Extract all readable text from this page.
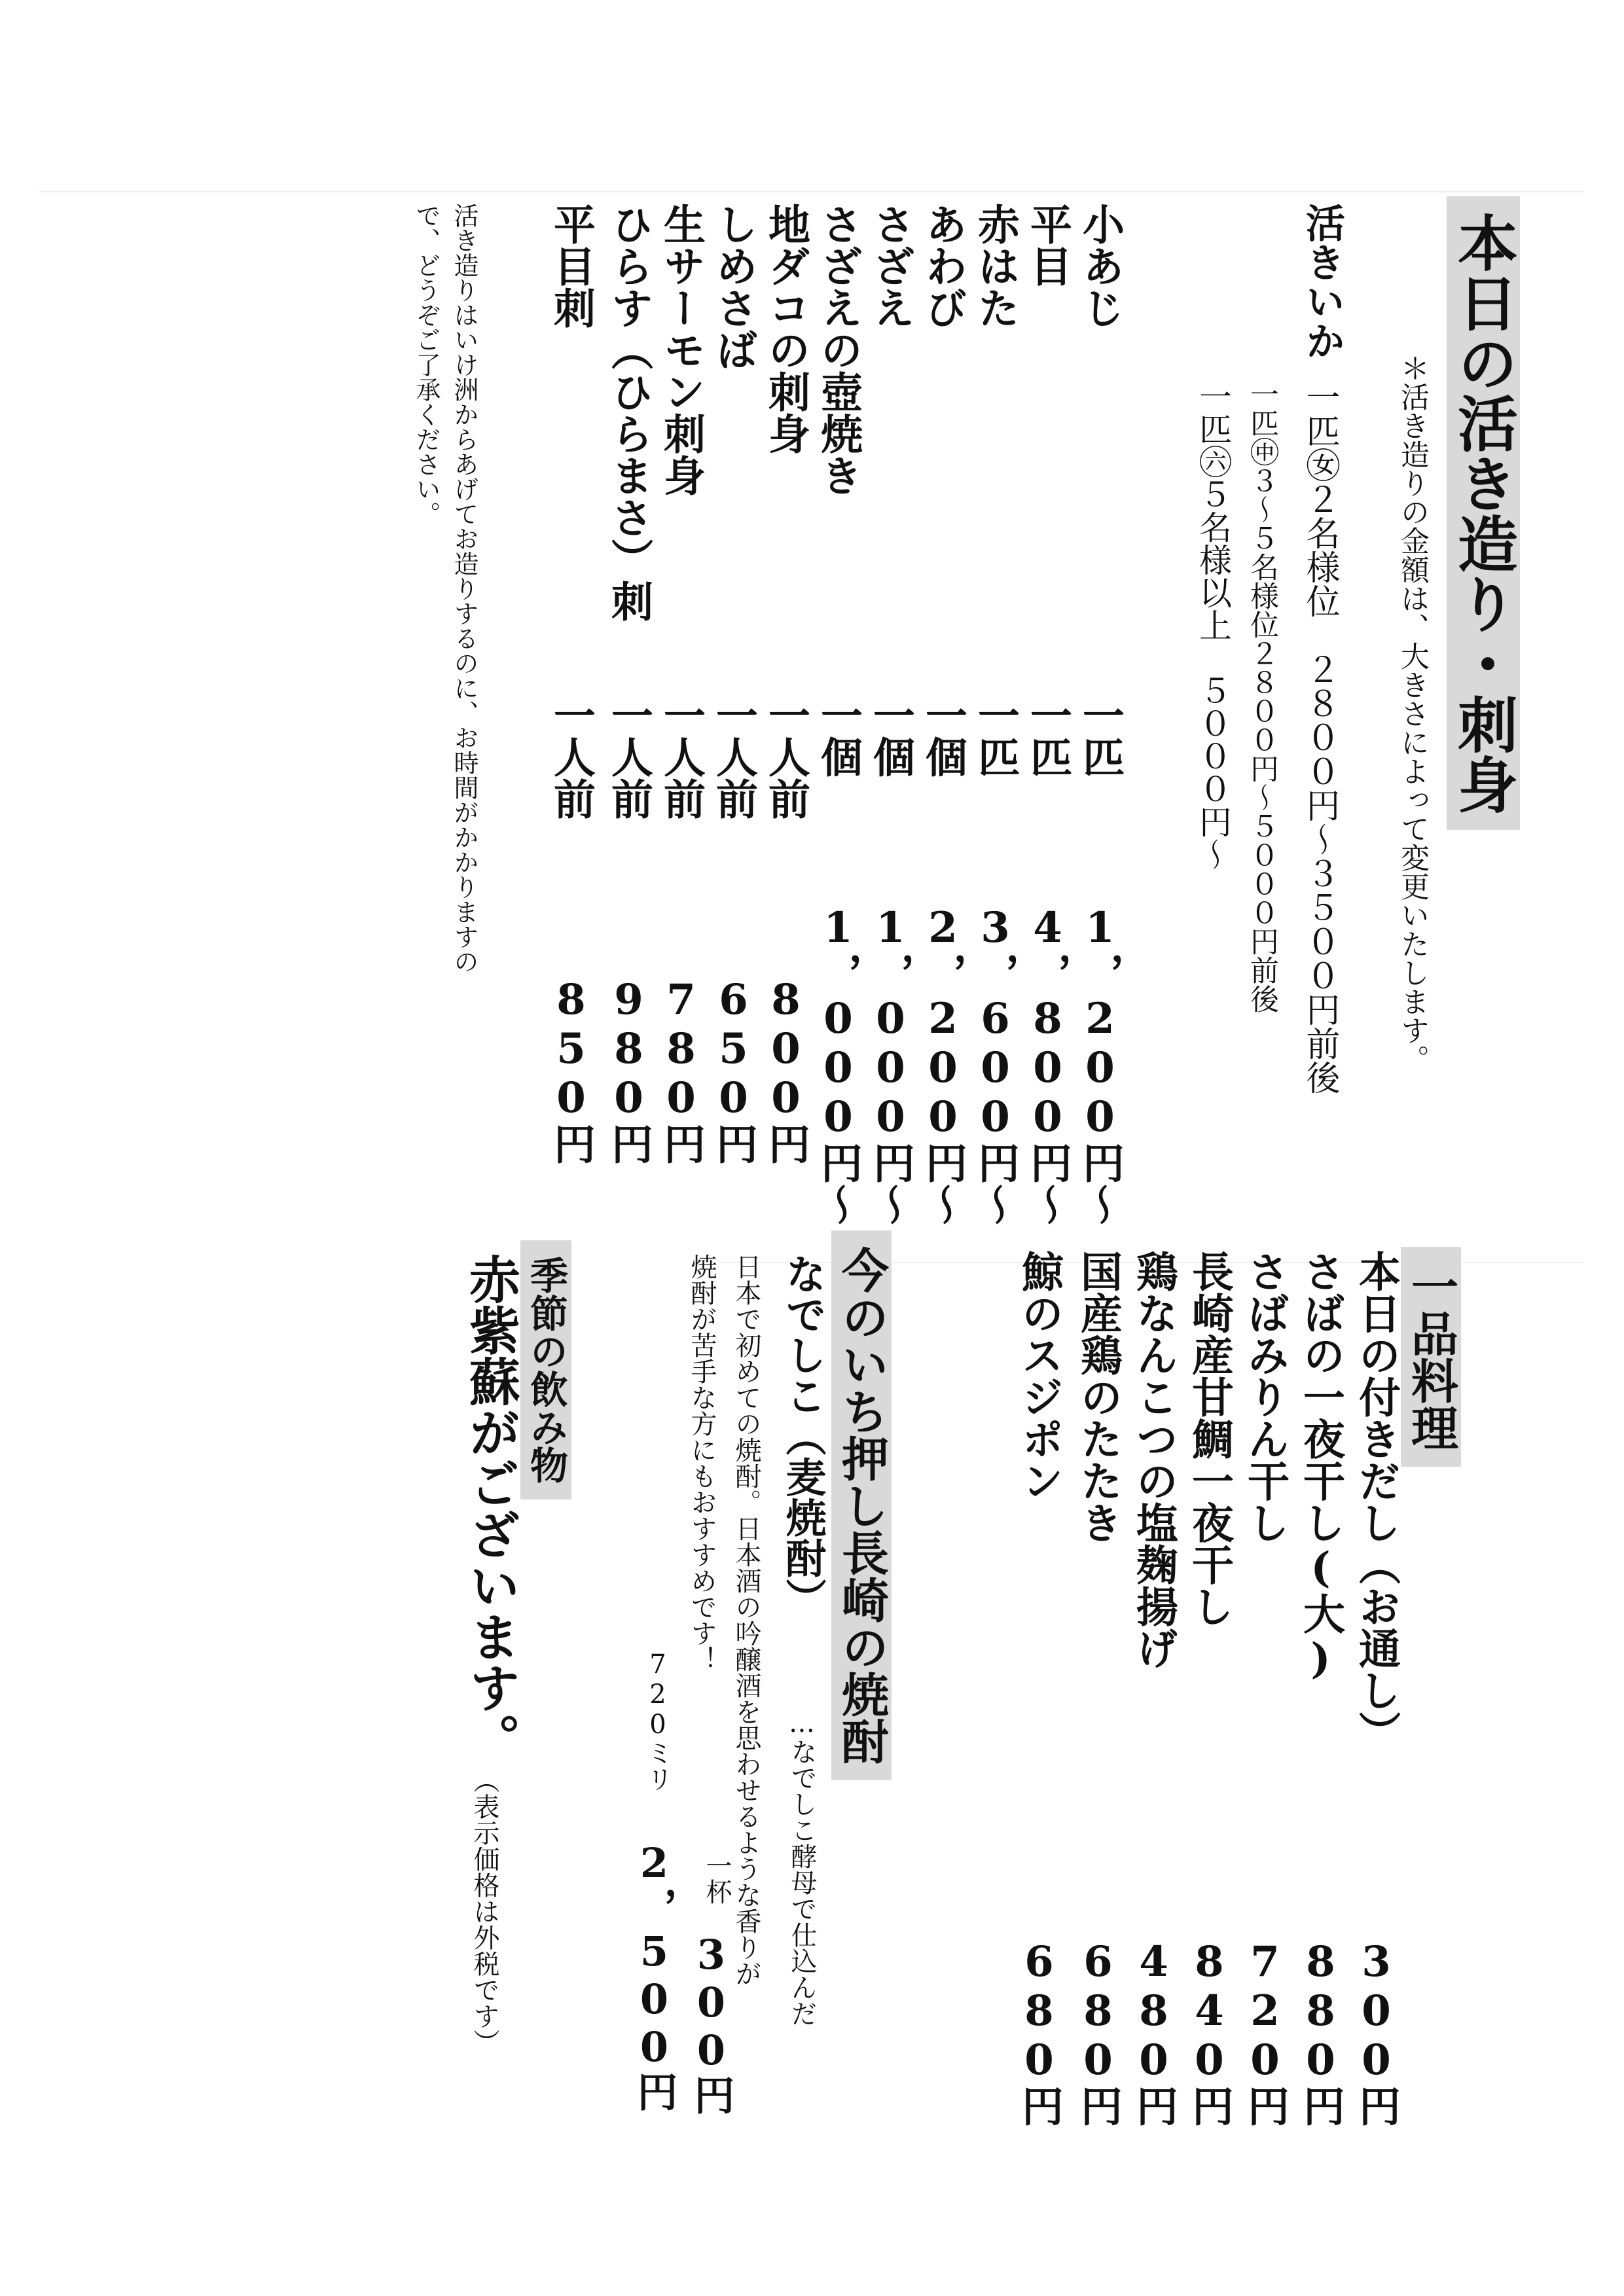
本日の活き造り・刺身
＊活き造りの金額は、大きさによって変更いたします。
活きいか
一匹㊛２名様位　２８００円～３５００円前後
一匹㊥３～５名様位２８００円～５０００円前後
一匹㊅５名様以上　５０００円～
小あじ
一匹
1，200円～
平目
一匹
4，800円～
赤はた
一匹
3，600円～
あわび
一個
2，200円～
さざえ
一個
1，000円～
さざえの壺焼き
一個
1，000円～
地ダコの刺身
一人前
800円
しめさば
一人前
650円
生サーモン刺身
一人前
780円
ひらす（ひらまさ）刺
一人前
980円
平目刺
一人前
850円
活き造りはいけ洲からあげてお造りするのに、お時間がかかりますの
で、どうぞご了承ください。
一品料理
本日の付きだし（お通し）
300円
さばの一夜干し(大)
880円
さばみりん干し
720円
長崎産甘鯛一夜干し
840円
鶏なんこつの塩麹揚げ
480円
国産鶏のたたき
680円
鯨のスジポン
680円
今のいち押し長崎の焼酎
なでしこ（麦焼酎）
…なでしこ酵母で仕込んだ
日本で初めての焼酎。日本酒の吟醸酒を思わせるような香りが
焼酎が苦手な方にもおすすめです！
一杯
300円
720ミリ
2，500円
季節の飲み物
赤紫蘇がございます。
（表示価格は外税です）
